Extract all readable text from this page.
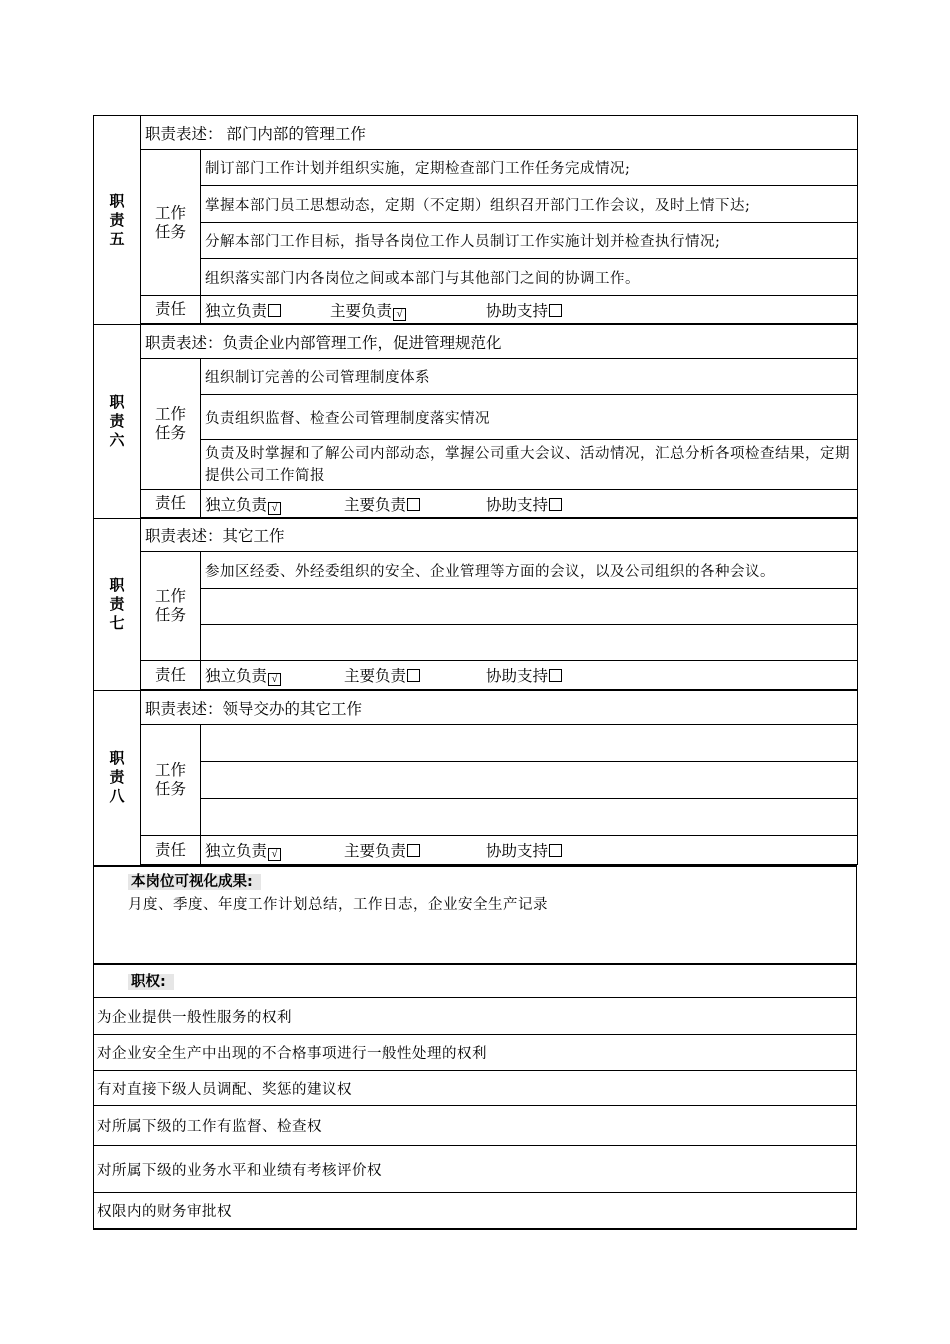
职责五	职责表述： 部门内部的管理工作	

	工作任务	制订部门工作计划并组织实施，定期检查部门工作任务完成情况;
		掌握本部门员工思想动态，定期（不定期）组织召开部门工作会议，及时上情下达;
		分解本部门工作目标，指导各岗位工作人员制订工作实施计划并检查执行情况;
		组织落实部门内各岗位之间或本部门与其他部门之间的协调工作。
	责任	独立负责 主要负责 √ 协助支持

职责六	职责表述：负责企业内部管理工作，促进管理规范化	

	工作任务	组织制订完善的公司管理制度体系
		负责组织监督、检查公司管理制度落实情况
		负责及时掌握和了解公司内部动态，掌握公司重大会议、活动情况，汇总分析各项检查结果，定期提供公司工作简报
	责任	独立负责 √ 主要负责 协助支持

职责七	职责表述：其它工作	

	工作任务	参加区经委、外经委组织的安全、企业管理等方面的会议，以及公司组织的各种会议。

	责任	独立负责 √ 主要负责 协助支持

职责八	职责表述：领导交办的其它工作	

	工作任务	

	责任	独立负责 √ 主要负责 协助支持

本岗位可视化成果:
月度、季度、年度工作计划总结，工作日志，企业安全生产记录

职权:
为企业提供一般性服务的权利
对企业安全生产中出现的不合格事项进行一般性处理的权利
有对直接下级人员调配、奖惩的建议权
对所属下级的工作有监督、检查权
对所属下级的业务水平和业绩有考核评价权
权限内的财务审批权
